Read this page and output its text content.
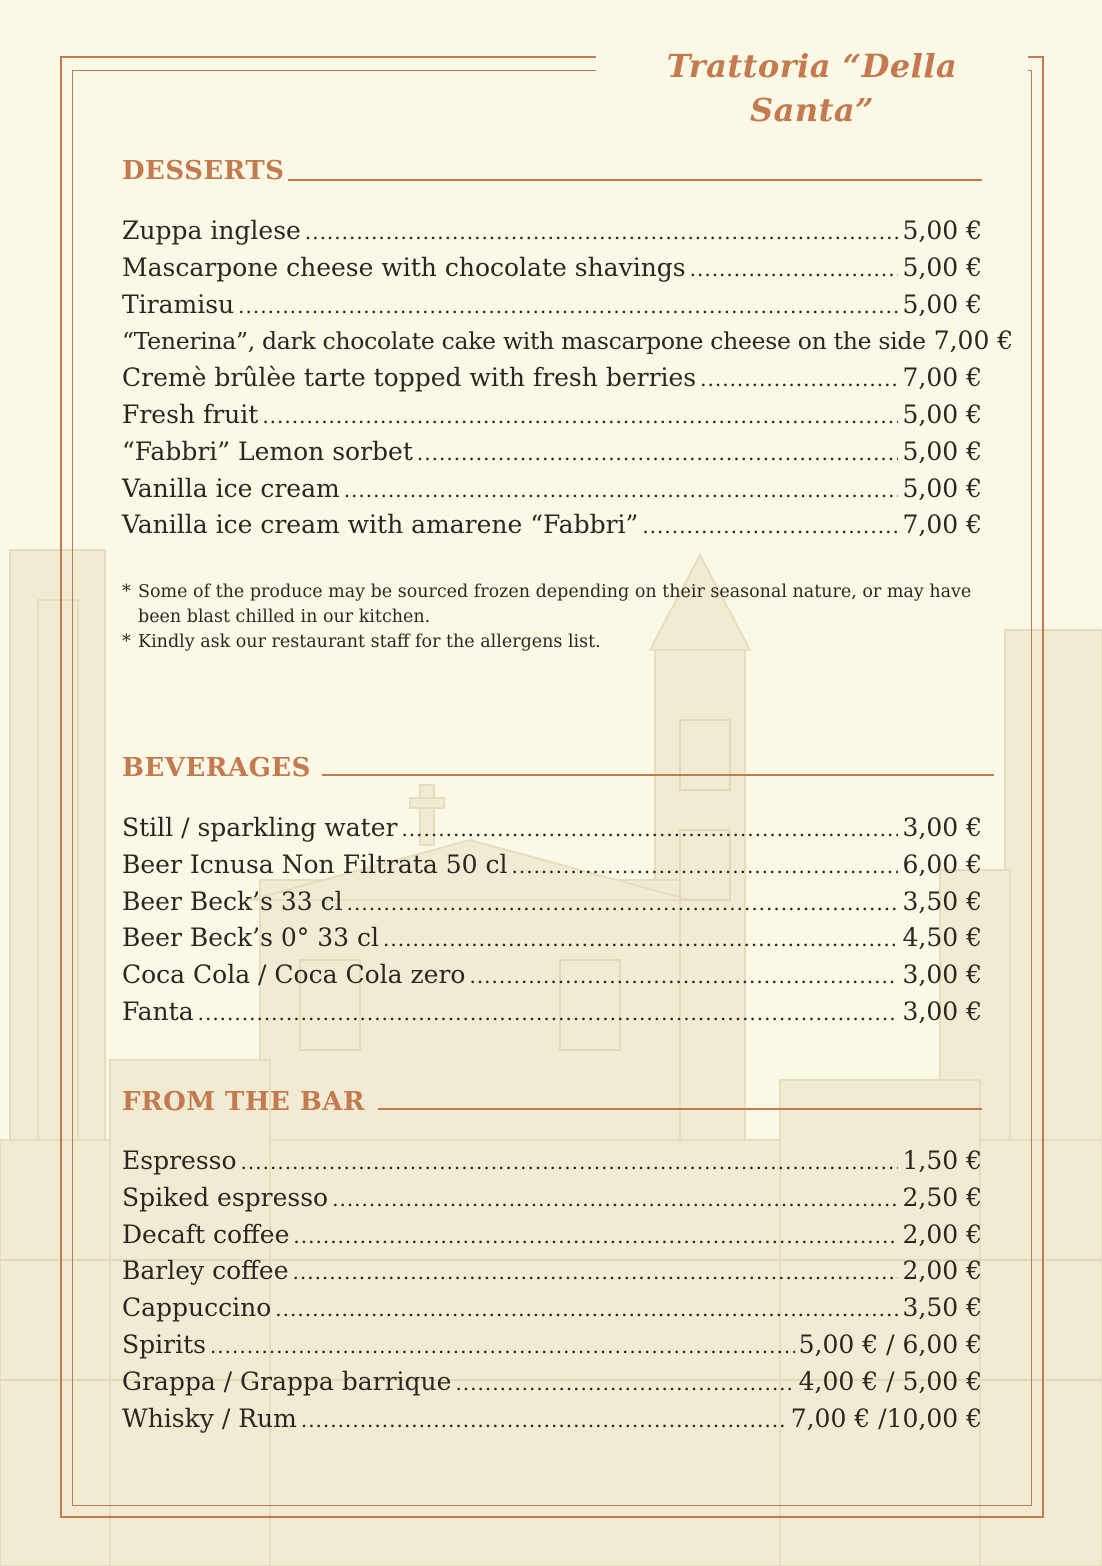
Trattoria “Della Santa”
DESSERTS
Zuppa inglese .....	5,00 €
Mascarpone cheese with chocolate shavings .....	5,00 €
Tiramisu .....	5,00 €
“Tenerina”, dark chocolate cake with mascarpone cheese on the side 7,00 €
Cremè brûlèe tarte topped with fresh berries .....	7,00 €
Fresh fruit .....	5,00 €
“Fabbri” Lemon sorbet .....	5,00 €
Vanilla ice cream .....	5,00 €
Vanilla ice cream with amarene “Fabbri” .....	7,00 €
* Some of the produce may be sourced frozen depending on their seasonal nature, or may have been blast chilled in our kitchen.
* Kindly ask our restaurant staff for the allergens list.
BEVERAGES
Still / sparkling water .....	3,00 €
Beer Icnusa Non Filtrata 50 cl .....	6,00 €
Beer Beck’s 33 cl .....	3,50 €
Beer Beck’s 0° 33 cl .....	4,50 €
Coca Cola / Coca Cola zero .....	3,00 €
Fanta .....	3,00 €
FROM THE BAR
Espresso .....	1,50 €
Spiked espresso .....	2,50 €
Decaft coffee .....	2,00 €
Barley coffee .....	2,00 €
Cappuccino .....	3,50 €
Spirits .....	5,00 € / 6,00 €
Grappa / Grappa barrique .....	4,00 € / 5,00 €
Whisky / Rum .....	7,00 € /10,00 €
